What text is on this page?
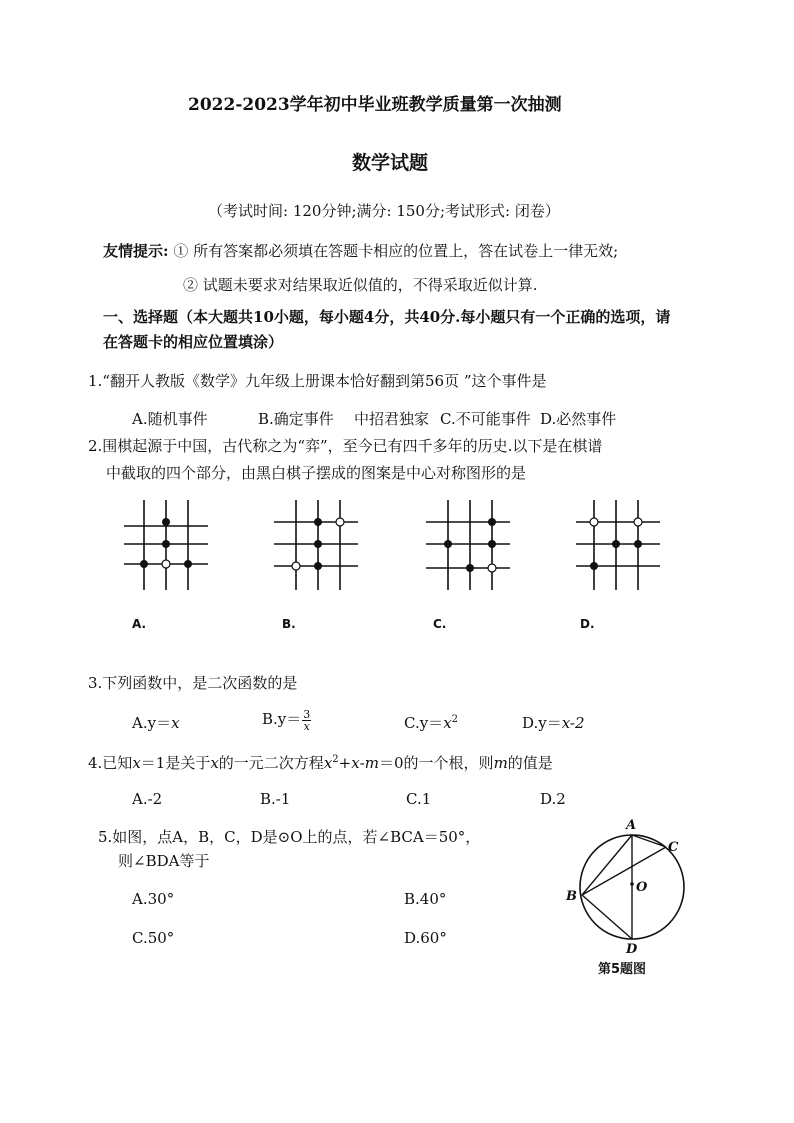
2022-2023学年初中毕业班教学质量第一次抽测
数学试题
（考试时间: 120分钟;满分: 150分;考试形式: 闭卷）
友情提示: ① 所有答案都必须填在答题卡相应的位置上，答在试卷上一律无效;
② 试题未要求对结果取近似值的，不得采取近似计算.
一、选择题（本大题共10小题，每小题4分，共40分.每小题只有一个正确的选项，请
在答题卡的相应位置填涂）
1.“翻开人教版《数学》九年级上册课本恰好翻到第56页 ”这个事件是
A.随机事件	B.确定事件 中招君独家 C.不可能事件 D.必然事件
2.围棋起源于中国，古代称之为“弈”，至今已有四千多年的历史.以下是在棋谱
中截取的四个部分，由黑白棋子摆成的图案是中心对称图形的是
A.	B.	C.	D.
3.下列函数中，是二次函数的是
A.y＝x	$B.y= \frac{3}{x}$	$C.y=x^2$	D.y＝x-2
4.已知x＝1是关于x的一元二次方程$x^2+x-m=0$的一个根，则m的值是
A.-2	B.-1	C.1	D.2
5.如图，点A，B，C，D是⊙O上的点，若∠BCA＝50°，
则∠BDA等于
A.30°	B.40°
C.50°	D.60°
A
B
C
D
O
第5题图
